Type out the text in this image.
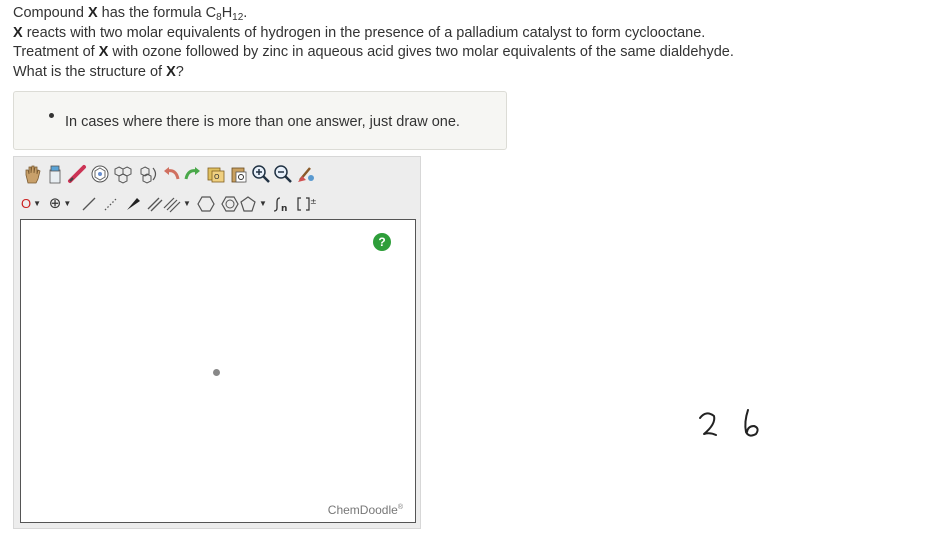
Compound X has the formula $C_8H_{12}$.
X reacts with two molar equivalents of hydrogen in the presence of a palladium catalyst to form cyclooctane.
Treatment of X with ozone followed by zinc in aqueous acid gives two molar equivalents of the same dialdehyde.
What is the structure of X?
In cases where there is more than one answer, just draw one.
O
O ▼ ⊕ ▼	▼	▼
n
±
?
ChemDoodle®
